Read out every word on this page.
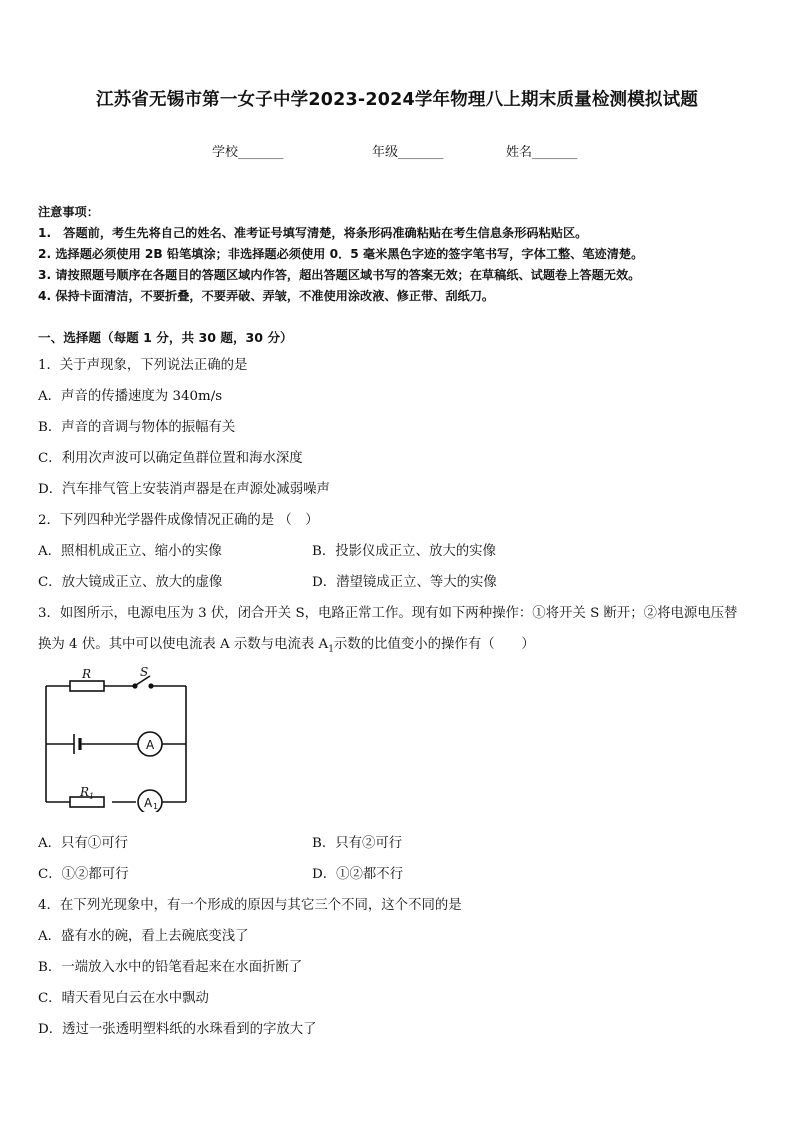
江苏省无锡市第一女子中学2023-2024学年物理八上期末质量检测模拟试题
学校_______	年级_______	姓名_______
注意事项：
1.　答题前，考生先将自己的姓名、准考证号填写清楚，将条形码准确粘贴在考生信息条形码粘贴区。
2. 选择题必须使用 2B 铅笔填涂；非选择题必须使用 0．5 毫米黑色字迹的签字笔书写，字体工整、笔迹清楚。
3. 请按照题号顺序在各题目的答题区域内作答，超出答题区域书写的答案无效；在草稿纸、试题卷上答题无效。
4. 保持卡面清洁，不要折叠，不要弄破、弄皱，不准使用涂改液、修正带、刮纸刀。
一、选择题（每题 1 分，共 30 题，30 分）
1．关于声现象，下列说法正确的是
A．声音的传播速度为 340m/s
B．声音的音调与物体的振幅有关
C．利用次声波可以确定鱼群位置和海水深度
D．汽车排气管上安装消声器是在声源处减弱噪声
2．下列四种光学器件成像情况正确的是 （　）
A．照相机成正立、缩小的实像	B．投影仪成正立、放大的实像
C．放大镜成正立、放大的虚像	D．潜望镜成正立、等大的实像
3．如图所示，电源电压为 3 伏，闭合开关 S，电路正常工作。现有如下两种操作：①将开关 S 断开；②将电源电压替
换为 4 伏。其中可以使电流表 A 示数与电流表 $A_1$示数的比值变小的操作有（　　）
R	S
R 1
A
A 1
A．只有①可行	B．只有②可行
C．①②都可行	D．①②都不行
4．在下列光现象中，有一个形成的原因与其它三个不同，这个不同的是
A．盛有水的碗，看上去碗底变浅了
B．一端放入水中的铅笔看起来在水面折断了
C．晴天看见白云在水中飘动
D．透过一张透明塑料纸的水珠看到的字放大了
